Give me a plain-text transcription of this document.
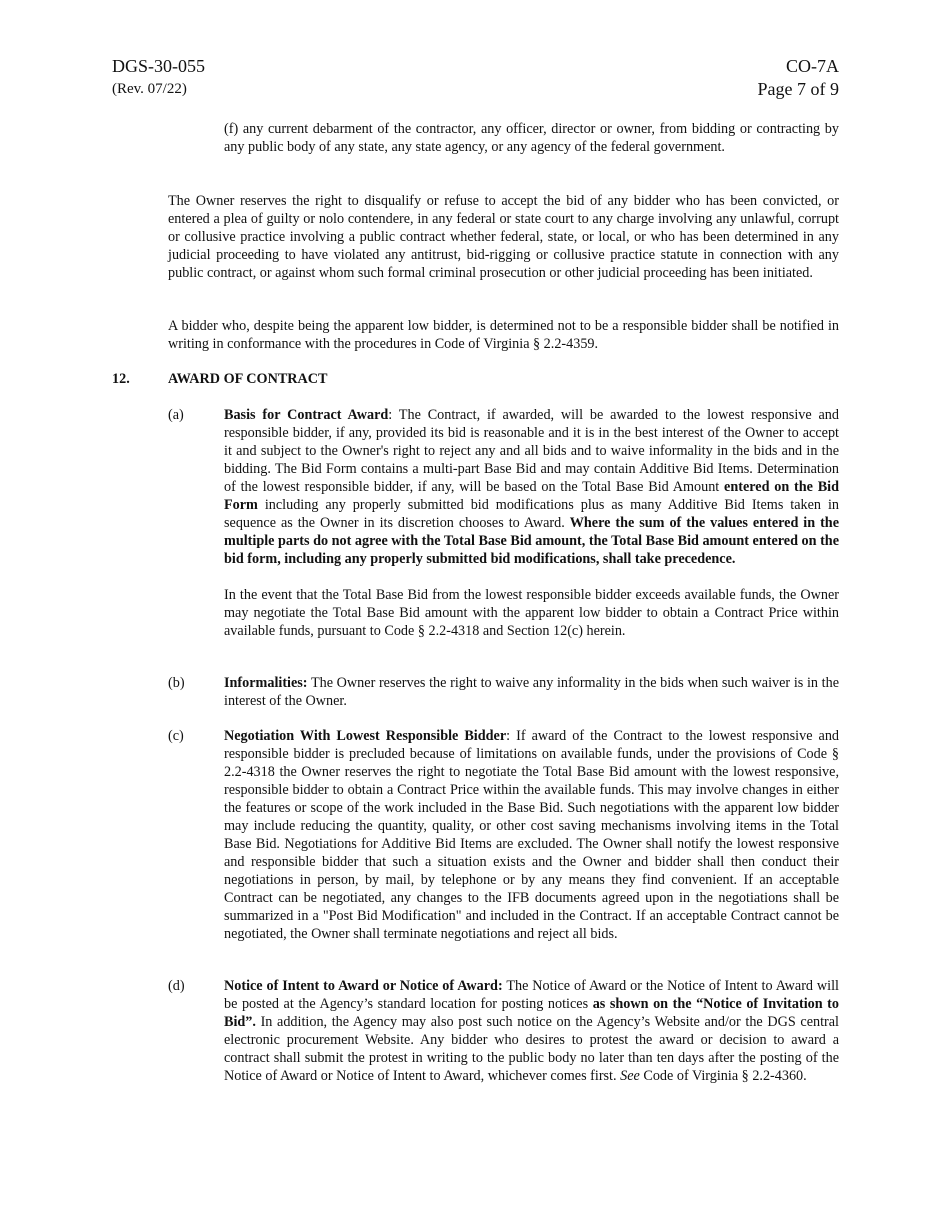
DGS-30-055	CO-7A
(Rev. 07/22)	Page 7 of 9

(f) any current debarment of the contractor, any officer, director or owner, from bidding or contracting by any public body of any state, any state agency, or any agency of the federal government.

The Owner reserves the right to disqualify or refuse to accept the bid of any bidder who has been convicted, or entered a plea of guilty or nolo contendere, in any federal or state court to any charge involving any unlawful, corrupt or collusive practice involving a public contract whether federal, state, or local, or who has been determined in any judicial proceeding to have violated any antitrust, bid-rigging or collusive practice statute in connection with any public contract, or against whom such formal criminal prosecution or other judicial proceeding has been initiated.

A bidder who, despite being the apparent low bidder, is determined not to be a responsible bidder shall be notified in writing in conformance with the procedures in Code of Virginia § 2.2-4359.

12.	AWARD OF CONTRACT
(a)	Basis for Contract Award: The Contract, if awarded, will be awarded to the lowest responsive and responsible bidder, if any, provided its bid is reasonable and it is in the best interest of the Owner to accept it and subject to the Owner's right to reject any and all bids and to waive informality in the bids and in the bidding. The Bid Form contains a multi-part Base Bid and may contain Additive Bid Items. Determination of the lowest responsible bidder, if any, will be based on the Total Base Bid Amount entered on the Bid Form including any properly submitted bid modifications plus as many Additive Bid Items taken in sequence as the Owner in its discretion chooses to Award. Where the sum of the values entered in the multiple parts do not agree with the Total Base Bid amount, the Total Base Bid amount entered on the bid form, including any properly submitted bid modifications, shall take precedence.

In the event that the Total Base Bid from the lowest responsible bidder exceeds available funds, the Owner may negotiate the Total Base Bid amount with the apparent low bidder to obtain a Contract Price within available funds, pursuant to Code § 2.2-4318 and Section 12(c) herein.

(b)	Informalities: The Owner reserves the right to waive any informality in the bids when such waiver is in the interest of the Owner.

(c)	Negotiation With Lowest Responsible Bidder: If award of the Contract to the lowest responsive and responsible bidder is precluded because of limitations on available funds, under the provisions of Code § 2.2-4318 the Owner reserves the right to negotiate the Total Base Bid amount with the lowest responsive, responsible bidder to obtain a Contract Price within the available funds. This may involve changes in either the features or scope of the work included in the Base Bid. Such negotiations with the apparent low bidder may include reducing the quantity, quality, or other cost saving mechanisms involving items in the Total Base Bid. Negotiations for Additive Bid Items are excluded. The Owner shall notify the lowest responsive and responsible bidder that such a situation exists and the Owner and bidder shall then conduct their negotiations in person, by mail, by telephone or by any means they find convenient. If an acceptable Contract can be negotiated, any changes to the IFB documents agreed upon in the negotiations shall be summarized in a "Post Bid Modification" and included in the Contract. If an acceptable Contract cannot be negotiated, the Owner shall terminate negotiations and reject all bids.

(d)	Notice of Intent to Award or Notice of Award: The Notice of Award or the Notice of Intent to Award will be posted at the Agency’s standard location for posting notices as shown on the “Notice of Invitation to Bid”. In addition, the Agency may also post such notice on the Agency’s Website and/or the DGS central electronic procurement Website. Any bidder who desires to protest the award or decision to award a contract shall submit the protest in writing to the public body no later than ten days after the posting of the Notice of Award or Notice of Intent to Award, whichever comes first. See Code of Virginia § 2.2-4360.
